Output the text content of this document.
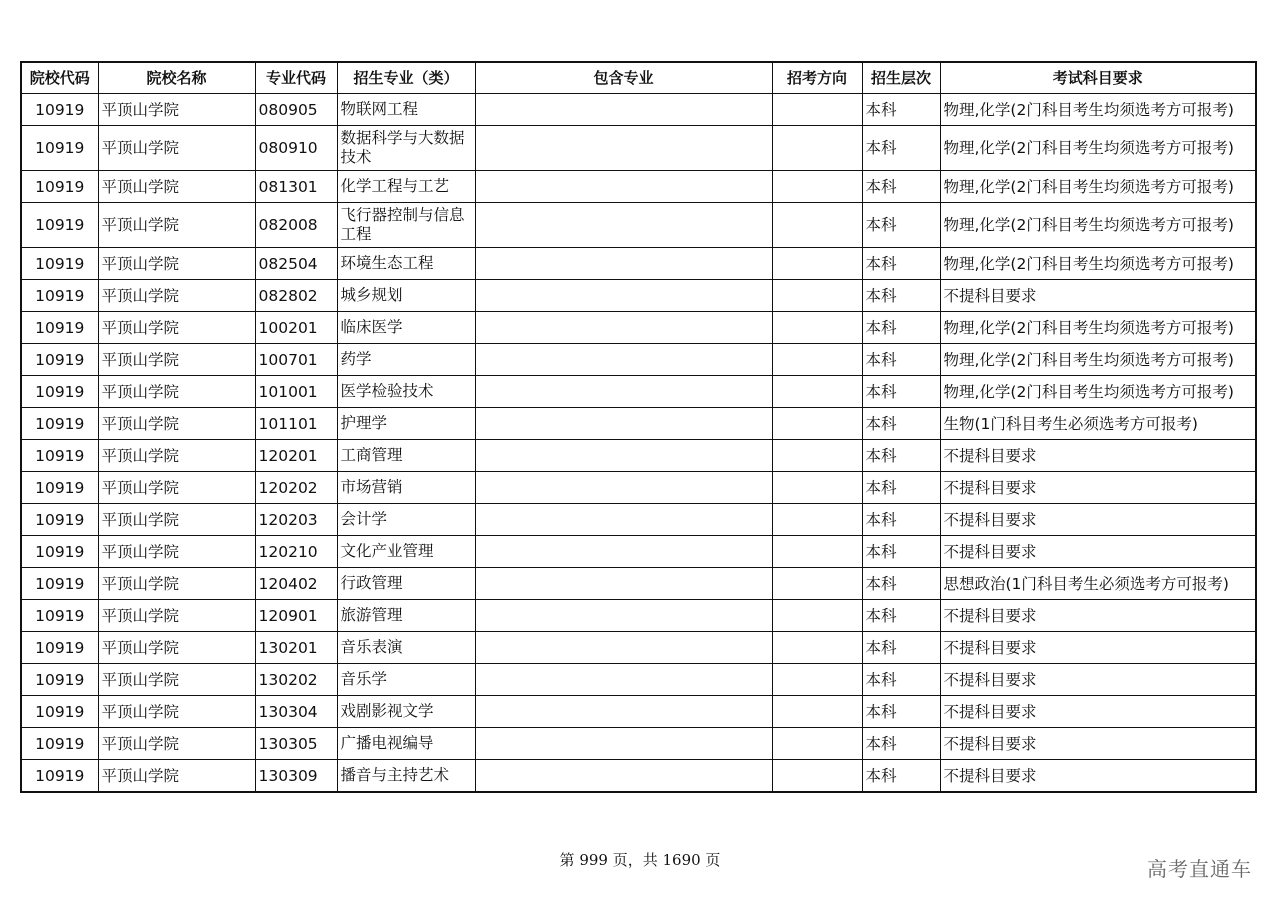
院校代码	院校名称	专业代码	招生专业（类）	包含专业	招考方向	招生层次	考试科目要求
10919	平顶山学院	080905	物联网工程			本科	物理,化学(2门科目考生均须选考方可报考)
10919	平顶山学院	080910	数据科学与大数据技术			本科	物理,化学(2门科目考生均须选考方可报考)
10919	平顶山学院	081301	化学工程与工艺			本科	物理,化学(2门科目考生均须选考方可报考)
10919	平顶山学院	082008	飞行器控制与信息工程			本科	物理,化学(2门科目考生均须选考方可报考)
10919	平顶山学院	082504	环境生态工程			本科	物理,化学(2门科目考生均须选考方可报考)
10919	平顶山学院	082802	城乡规划			本科	不提科目要求
10919	平顶山学院	100201	临床医学			本科	物理,化学(2门科目考生均须选考方可报考)
10919	平顶山学院	100701	药学			本科	物理,化学(2门科目考生均须选考方可报考)
10919	平顶山学院	101001	医学检验技术			本科	物理,化学(2门科目考生均须选考方可报考)
10919	平顶山学院	101101	护理学			本科	生物(1门科目考生必须选考方可报考)
10919	平顶山学院	120201	工商管理			本科	不提科目要求
10919	平顶山学院	120202	市场营销			本科	不提科目要求
10919	平顶山学院	120203	会计学			本科	不提科目要求
10919	平顶山学院	120210	文化产业管理			本科	不提科目要求
10919	平顶山学院	120402	行政管理			本科	思想政治(1门科目考生必须选考方可报考)
10919	平顶山学院	120901	旅游管理			本科	不提科目要求
10919	平顶山学院	130201	音乐表演			本科	不提科目要求
10919	平顶山学院	130202	音乐学			本科	不提科目要求
10919	平顶山学院	130304	戏剧影视文学			本科	不提科目要求
10919	平顶山学院	130305	广播电视编导			本科	不提科目要求
10919	平顶山学院	130309	播音与主持艺术			本科	不提科目要求
第 999 页，共 1690 页	高考直通车
